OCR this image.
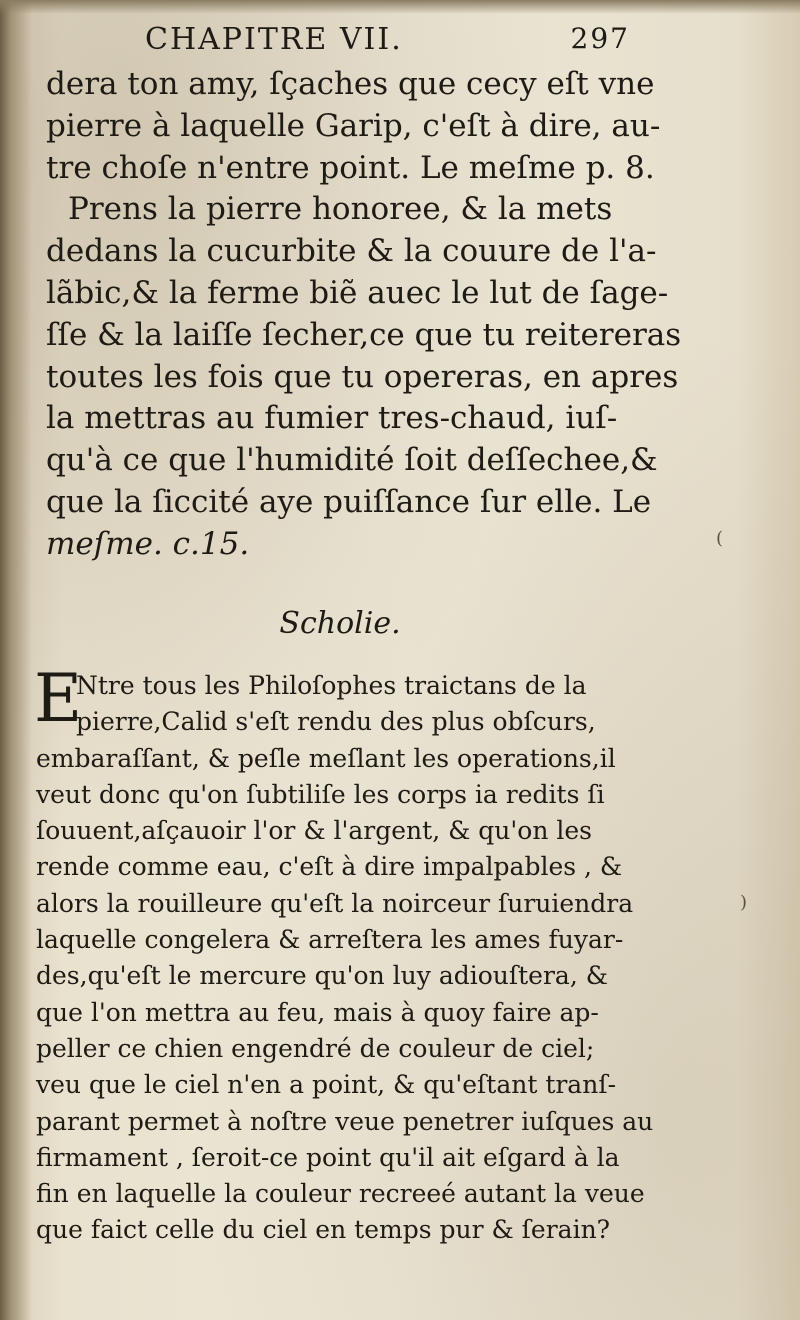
CHAPITRE VII.	297
dera ton amy, ſçaches que cecy eſt vne
pierre à laquelle Garip, c'eſt à dire, au-
tre choſe n'entre point. Le meſme p. 8.
Prens la pierre honoree, & la mets
dedans la cucurbite & la couure de l'a-
lãbic,& la ferme biẽ auec le lut de ſage-
ſſe & la laiſſe ſecher,ce que tu reitereras
toutes les fois que tu opereras, en apres
la mettras au fumier tres-chaud, iuſ-
qu'à ce que l'humidité ſoit deſſechee,&
que la ſiccité aye puiſſance ſur elle. Le
meſme. c.15.
Scholie.
E
Ntre tous les Philoſophes traictans de la
pierre,Calid s'eſt rendu des plus obſcurs,
embaraſſant, & peſle meſlant les operations,il
veut donc qu'on ſubtiliſe les corps ia redits ſi
ſouuent,aſçauoir l'or & l'argent, & qu'on les
rende comme eau, c'eſt à dire impalpables , &
alors la rouilleure qu'eſt la noirceur ſuruiendra
laquelle congelera & arreſtera les ames fuyar-
des,qu'eſt le mercure qu'on luy adiouſtera, &
que l'on mettra au feu, mais à quoy faire ap-
peller ce chien engendré de couleur de ciel;
veu que le ciel n'en a point, & qu'eſtant tranſ-
parant permet à noſtre veue penetrer iuſques au
firmament , ſeroit-ce point qu'il ait eſgard à la
fin en laquelle la couleur recreeé autant la veue
que faict celle du ciel en temps pur & ſerain?
(
)
